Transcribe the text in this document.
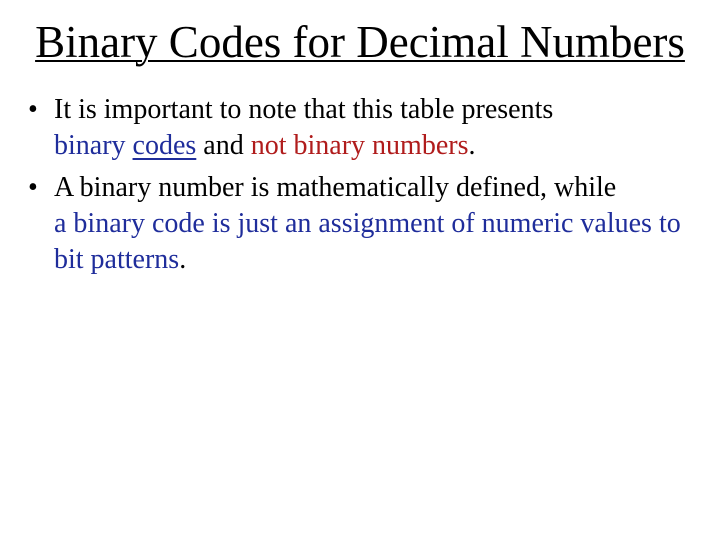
Binary Codes for Decimal Numbers
• It is important to note that this table presents
binary codes and not binary numbers.
• A binary number is mathematically defined, while
a binary code is just an assignment of numeric values to bit patterns.
